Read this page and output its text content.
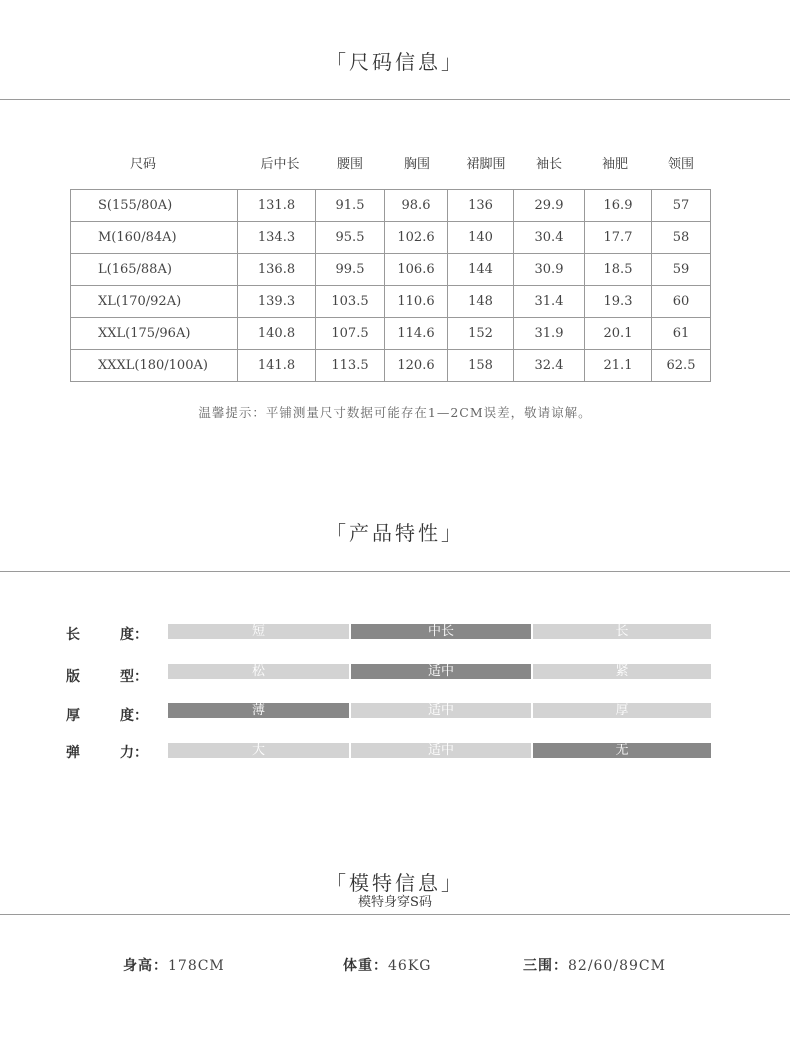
「尺码信息」
尺码	后中长	腰围	胸围	裙脚围	袖长	袖肥	领围
S(155/80A)	131.8	91.5	98.6	136	29.9	16.9	57
M(160/84A)	134.3	95.5	102.6	140	30.4	17.7	58
L(165/88A)	136.8	99.5	106.6	144	30.9	18.5	59
XL(170/92A)	139.3	103.5	110.6	148	31.4	19.3	60
XXL(175/96A)	140.8	107.5	114.6	152	31.9	20.1	61
XXXL(180/100A)	141.8	113.5	120.6	158	32.4	21.1	62.5
温馨提示：平铺测量尺寸数据可能存在1—2CM误差，敬请谅解。
「产品特性」
长	度：	短	中长	长
版	型：	松	适中	紧
厚	度：	薄	适中	厚
弹	力：	大	适中	无
「模特信息」
模特身穿S码
身高：178CM	体重：46KG	三围：82/60/89CM
